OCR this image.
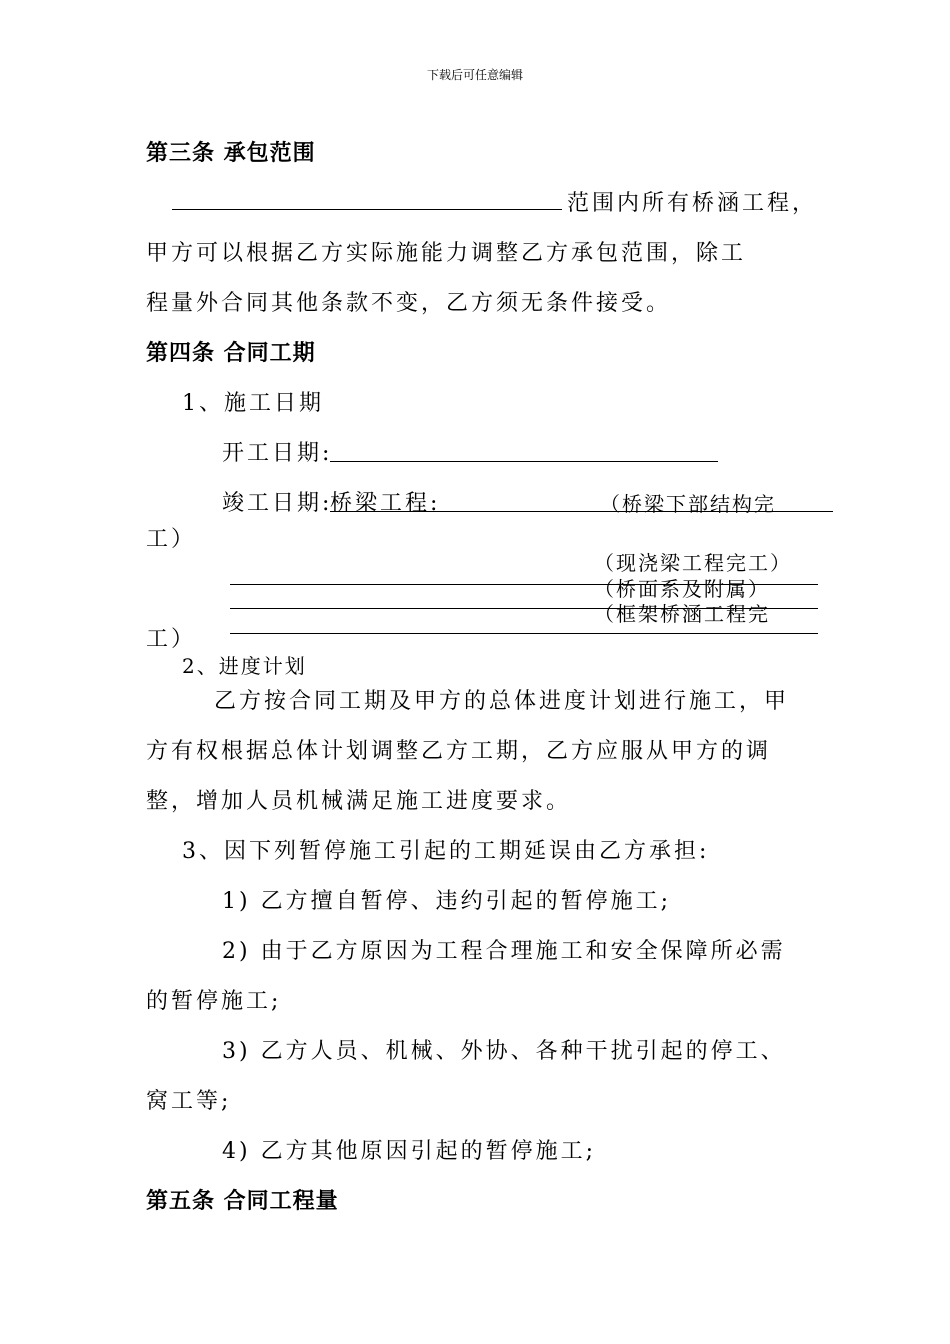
下载后可任意编辑
第三条 承包范围
范围内所有桥涵工程，
甲方可以根据乙方实际施能力调整乙方承包范围，除工
程量外合同其他条款不变，乙方须无条件接受。
第四条 合同工期
1、施工日期
开工日期:
竣工日期:
桥梁工程:	（桥梁下部结构完
工）
（现浇梁工程完工）
（桥面系及附属）
（框架桥涵工程完
工）
2、进度计划
乙方按合同工期及甲方的总体进度计划进行施工，甲
方有权根据总体计划调整乙方工期，乙方应服从甲方的调
整，增加人员机械满足施工进度要求。
3、因下列暂停施工引起的工期延误由乙方承担:
1) 乙方擅自暂停、违约引起的暂停施工;
2) 由于乙方原因为工程合理施工和安全保障所必需
的暂停施工;
3) 乙方人员、机械、外协、各种干扰引起的停工、
窝工等;
4) 乙方其他原因引起的暂停施工;
第五条 合同工程量
